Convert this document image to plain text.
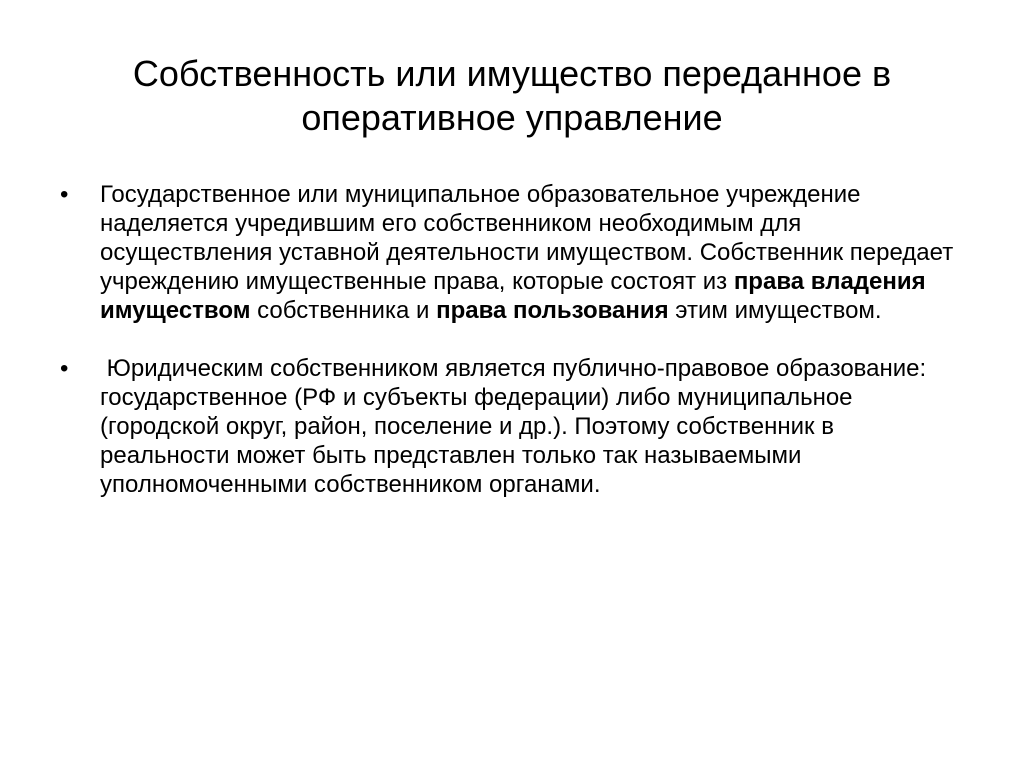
Собственность или имущество переданное в оперативное управление
•	Государственное или муниципальное образовательное учреждение наделяется учредившим его собственником необходимым для осуществления уставной деятельности имуществом. Собственник передает учреждению имущественные права, которые состоят из права владения имуществом собственника и права пользования этим имуществом.
•	Юридическим собственником является публично-правовое образование: государственное (РФ и субъекты федерации) либо муниципальное (городской округ, район, поселение и др.). Поэтому собственник в реальности может быть представлен только так называемыми уполномоченными собственником органами.
